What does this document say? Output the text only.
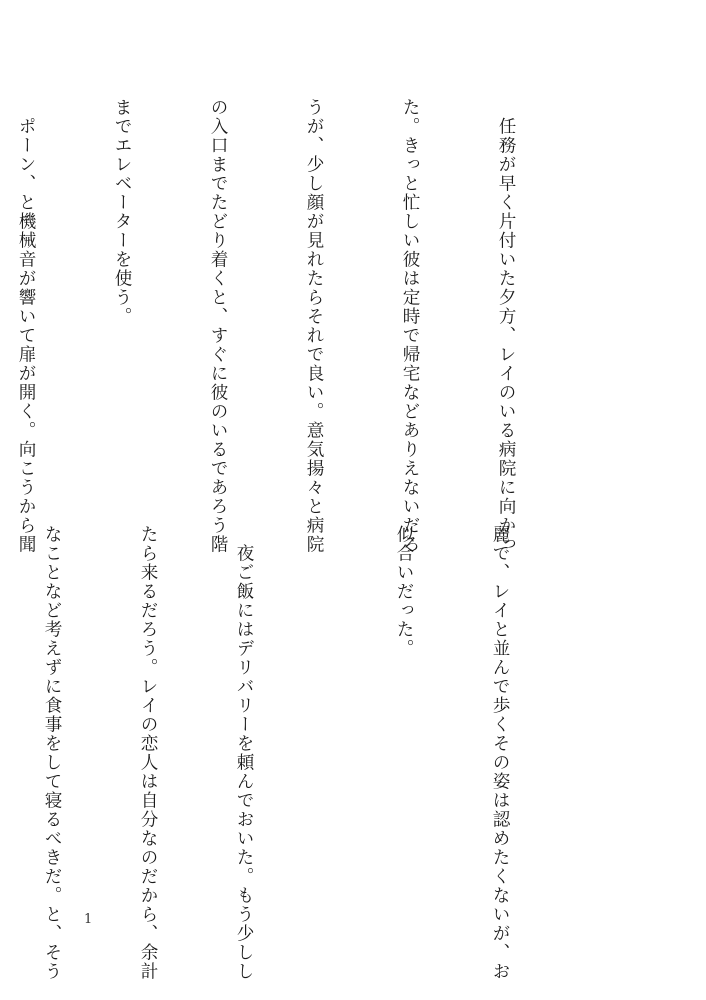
　任務が早く片付いた夕方、レイのいる病院に向かっ

た。きっと忙しい彼は定時で帰宅などありえないだろ

うが、少し顔が見れたらそれで良い。意気揚々と病院

の入口までたどり着くと、すぐに彼のいるであろう階

までエレベーターを使う。

　ポーン、と機械音が響いて扉が開く。向こうから聞

麗で、レイと並んで歩くその姿は認めたくないが、お

似合いだった。

　夜ご飯にはデリバリーを頼んでおいた。もう少しし

たら来るだろう。レイの恋人は自分なのだから、余計

なことなど考えずに食事をして寝るべきだ。と、そう

	1
